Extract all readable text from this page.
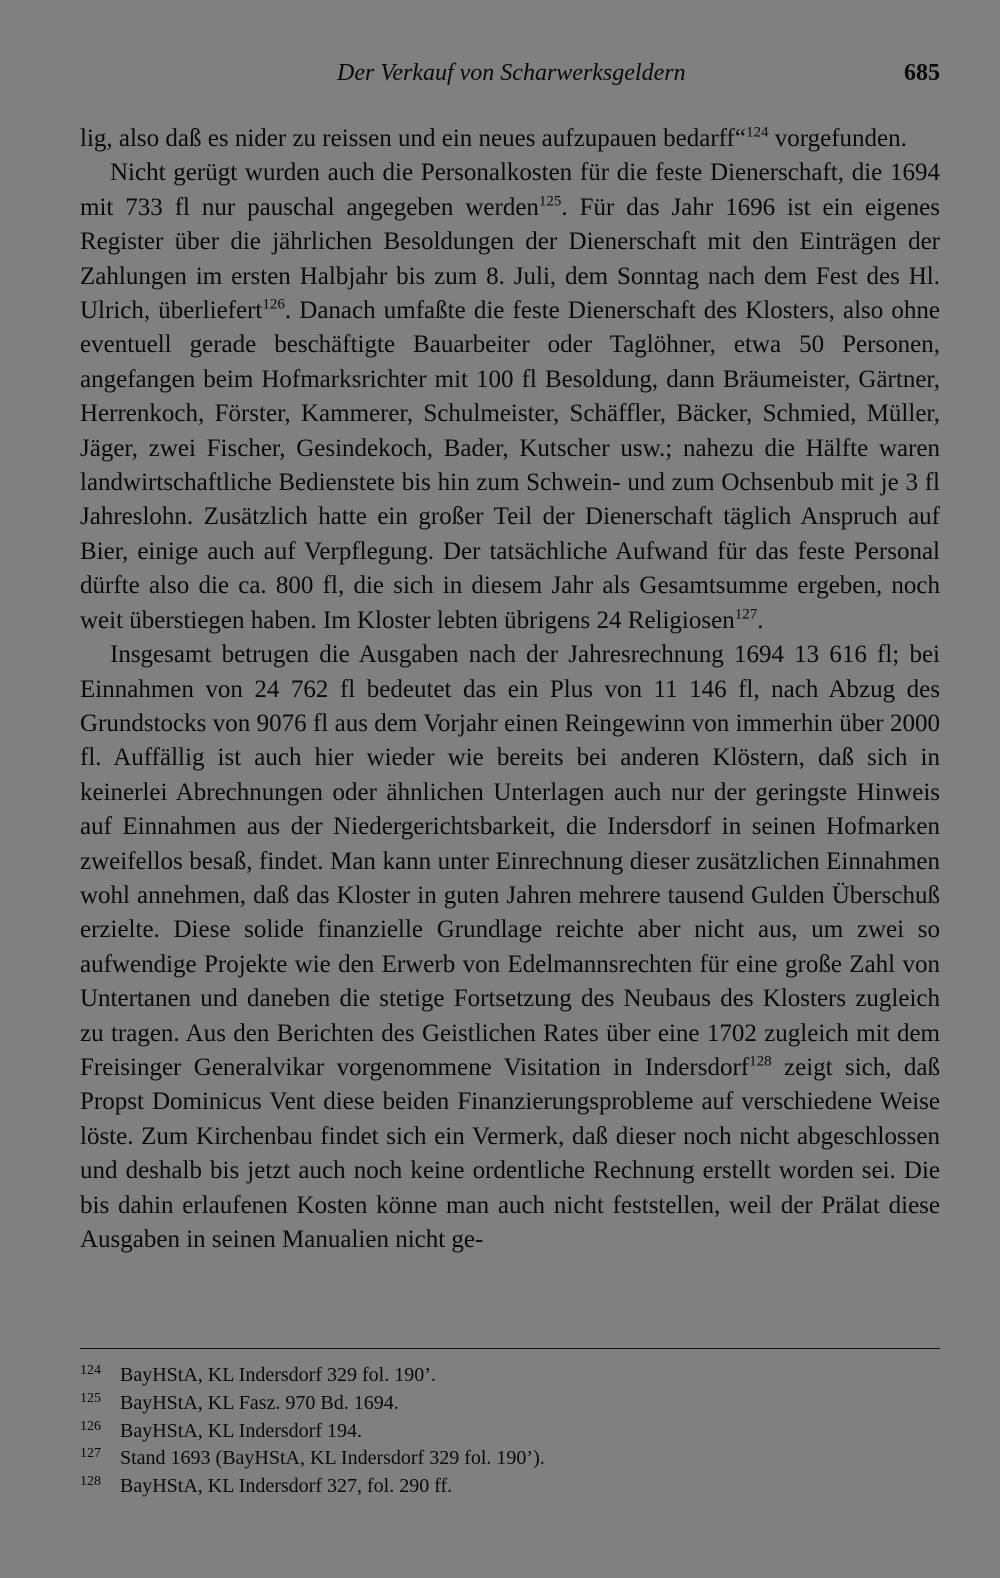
Der Verkauf von Scharwerksgeldern	685

lig, also daß es nider zu reissen und ein neues aufzupauen bedarff“$^{124}$ vorgefunden.

Nicht gerügt wurden auch die Personalkosten für die feste Dienerschaft, die 1694 mit 733 fl nur pauschal angegeben werden$^{125}$. Für das Jahr 1696 ist ein eigenes Register über die jährlichen Besoldungen der Dienerschaft mit den Einträgen der Zahlungen im ersten Halbjahr bis zum 8. Juli, dem Sonntag nach dem Fest des Hl. Ulrich, überliefert$^{126}$. Danach umfaßte die feste Dienerschaft des Klosters, also ohne eventuell gerade beschäftigte Bauarbeiter oder Taglöhner, etwa 50 Personen, angefangen beim Hofmarksrichter mit 100 fl Besoldung, dann Bräumeister, Gärtner, Herrenkoch, Förster, Kammerer, Schulmeister, Schäffler, Bäcker, Schmied, Müller, Jäger, zwei Fischer, Gesindekoch, Bader, Kutscher usw.; nahezu die Hälfte waren landwirtschaftliche Bedienstete bis hin zum Schwein- und zum Ochsenbub mit je 3 fl Jahreslohn. Zusätzlich hatte ein großer Teil der Dienerschaft täglich Anspruch auf Bier, einige auch auf Verpflegung. Der tatsächliche Aufwand für das feste Personal dürfte also die ca. 800 fl, die sich in diesem Jahr als Gesamtsumme ergeben, noch weit überstiegen haben. Im Kloster lebten übrigens 24 Religiosen$^{127}$.

Insgesamt betrugen die Ausgaben nach der Jahresrechnung 1694 13 616 fl; bei Einnahmen von 24 762 fl bedeutet das ein Plus von 11 146 fl, nach Abzug des Grundstocks von 9076 fl aus dem Vorjahr einen Reingewinn von immerhin über 2000 fl. Auffällig ist auch hier wieder wie bereits bei anderen Klöstern, daß sich in keinerlei Abrechnungen oder ähnlichen Unterlagen auch nur der geringste Hinweis auf Einnahmen aus der Niedergerichtsbarkeit, die Indersdorf in seinen Hofmarken zweifellos besaß, findet. Man kann unter Einrechnung dieser zusätzlichen Einnahmen wohl annehmen, daß das Kloster in guten Jahren mehrere tausend Gulden Überschuß erzielte. Diese solide finanzielle Grundlage reichte aber nicht aus, um zwei so aufwendige Projekte wie den Erwerb von Edelmannsrechten für eine große Zahl von Untertanen und daneben die stetige Fortsetzung des Neubaus des Klosters zugleich zu tragen. Aus den Berichten des Geistlichen Rates über eine 1702 zugleich mit dem Freisinger Generalvikar vorgenommene Visitation in Indersdorf$^{128}$ zeigt sich, daß Propst Dominicus Vent diese beiden Finanzierungsprobleme auf verschiedene Weise löste. Zum Kirchenbau findet sich ein Vermerk, daß dieser noch nicht abgeschlossen und deshalb bis jetzt auch noch keine ordentliche Rechnung erstellt worden sei. Die bis dahin erlaufenen Kosten könne man auch nicht feststellen, weil der Prälat diese Ausgaben in seinen Manualien nicht ge-

124 BayHStA, KL Indersdorf 329 fol. 190’.
125 BayHStA, KL Fasz. 970 Bd. 1694.
126 BayHStA, KL Indersdorf 194.
127 Stand 1693 (BayHStA, KL Indersdorf 329 fol. 190’).
128 BayHStA, KL Indersdorf 327, fol. 290 ff.
